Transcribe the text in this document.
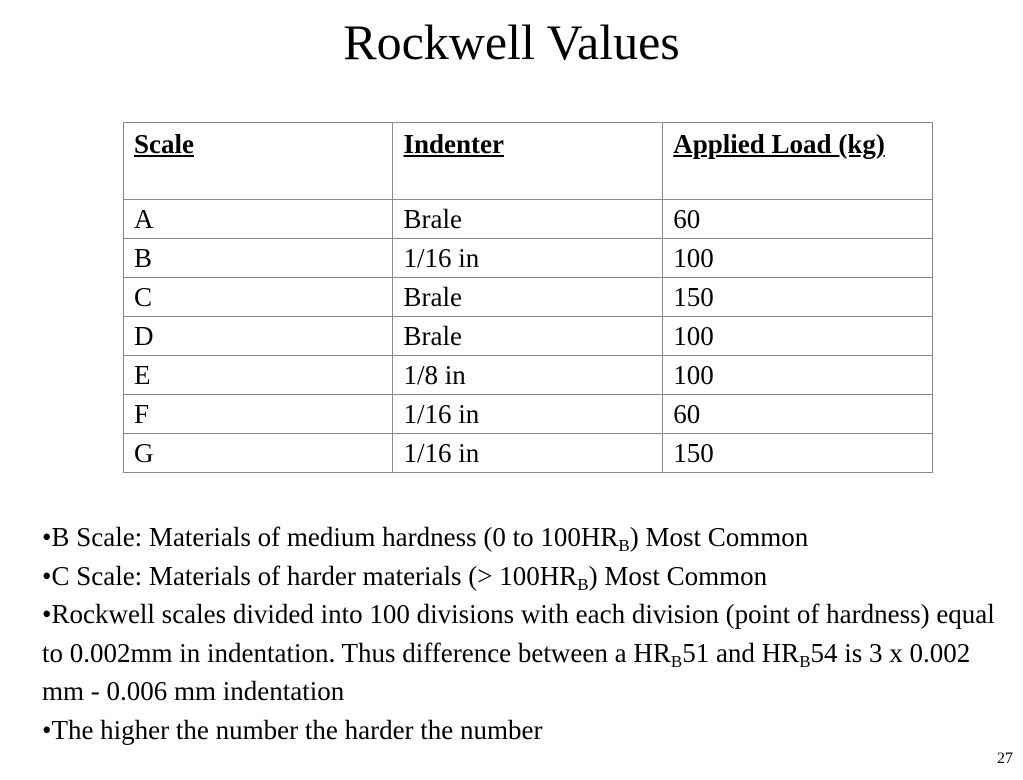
Rockwell Values
Scale	Indenter	Applied Load (kg)
A	Brale	60
B	1/16 in	100
C	Brale	150
D	Brale	100
E	1/8 in	100
F	1/16 in	60
G	1/16 in	150

•B Scale: Materials of medium hardness (0 to $100HR_B$) Most Common

•C Scale: Materials of harder materials (> $100HR_B$) Most Common

•Rockwell scales divided into 100 divisions with each division (point of hardness) equal to 0.002mm in indentation. Thus difference between a $HR_B51$ and $HR_B54$ is 3 x 0.002 mm - 0.006 mm indentation

•The higher the number the harder the number

27
